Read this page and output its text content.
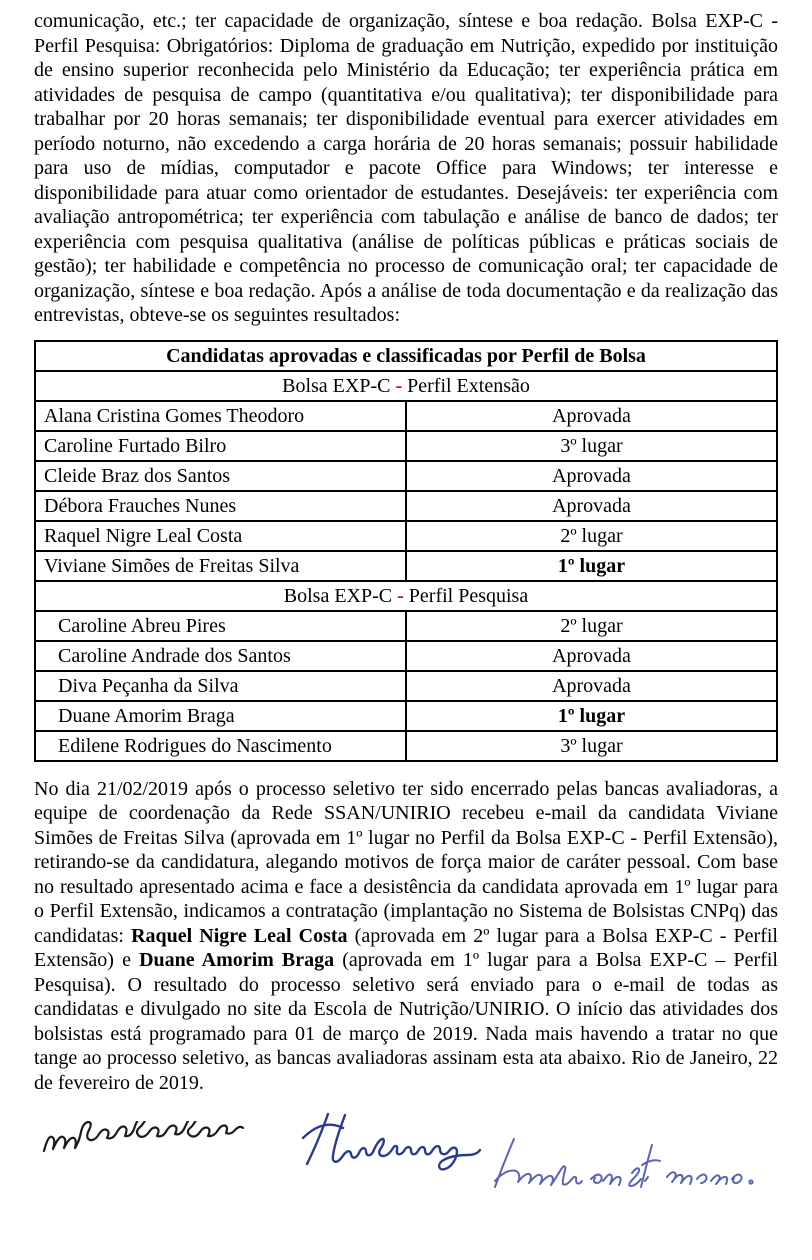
comunicação, etc.; ter capacidade de organização, síntese e boa redação. Bolsa EXP-C - Perfil Pesquisa: Obrigatórios: Diploma de graduação em Nutrição, expedido por instituição de ensino superior reconhecida pelo Ministério da Educação; ter experiência prática em atividades de pesquisa de campo (quantitativa e/ou qualitativa); ter disponibilidade para trabalhar por 20 horas semanais; ter disponibilidade eventual para exercer atividades em período noturno, não excedendo a carga horária de 20 horas semanais; possuir habilidade para uso de mídias, computador e pacote Office para Windows; ter interesse e disponibilidade para atuar como orientador de estudantes. Desejáveis: ter experiência com avaliação antropométrica; ter experiência com tabulação e análise de banco de dados; ter experiência com pesquisa qualitativa (análise de políticas públicas e práticas sociais de gestão); ter habilidade e competência no processo de comunicação oral; ter capacidade de organização, síntese e boa redação. Após a análise de toda documentação e da realização das entrevistas, obteve-se os seguintes resultados:

Candidatas aprovadas e classificadas por Perfil de Bolsa	
Bolsa EXP-C - Perfil Extensão	
Alana Cristina Gomes Theodoro	Aprovada
Caroline Furtado Bilro	3º lugar
Cleide Braz dos Santos	Aprovada
Débora Frauches Nunes	Aprovada
Raquel Nigre Leal Costa	2º lugar
Viviane Simões de Freitas Silva	1º lugar
Bolsa EXP-C - Perfil Pesquisa	
Caroline Abreu Pires	2º lugar
Caroline Andrade dos Santos	Aprovada
Diva Peçanha da Silva	Aprovada
Duane Amorim Braga	1º lugar
Edilene Rodrigues do Nascimento	3º lugar

No dia 21/02/2019 após o processo seletivo ter sido encerrado pelas bancas avaliadoras, a equipe de coordenação da Rede SSAN/UNIRIO recebeu e-mail da candidata Viviane Simões de Freitas Silva (aprovada em 1º lugar no Perfil da Bolsa EXP-C - Perfil Extensão), retirando-se da candidatura, alegando motivos de força maior de caráter pessoal. Com base no resultado apresentado acima e face a desistência da candidata aprovada em 1º lugar para o Perfil Extensão, indicamos a contratação (implantação no Sistema de Bolsistas CNPq) das candidatas: Raquel Nigre Leal Costa (aprovada em 2º lugar para a Bolsa EXP-C - Perfil Extensão) e Duane Amorim Braga (aprovada em 1º lugar para a Bolsa EXP-C – Perfil Pesquisa). O resultado do processo seletivo será enviado para o e-mail de todas as candidatas e divulgado no site da Escola de Nutrição/UNIRIO. O início das atividades dos bolsistas está programado para 01 de março de 2019. Nada mais havendo a tratar no que tange ao processo seletivo, as bancas avaliadoras assinam esta ata abaixo. Rio de Janeiro, 22 de fevereiro de 2019.
